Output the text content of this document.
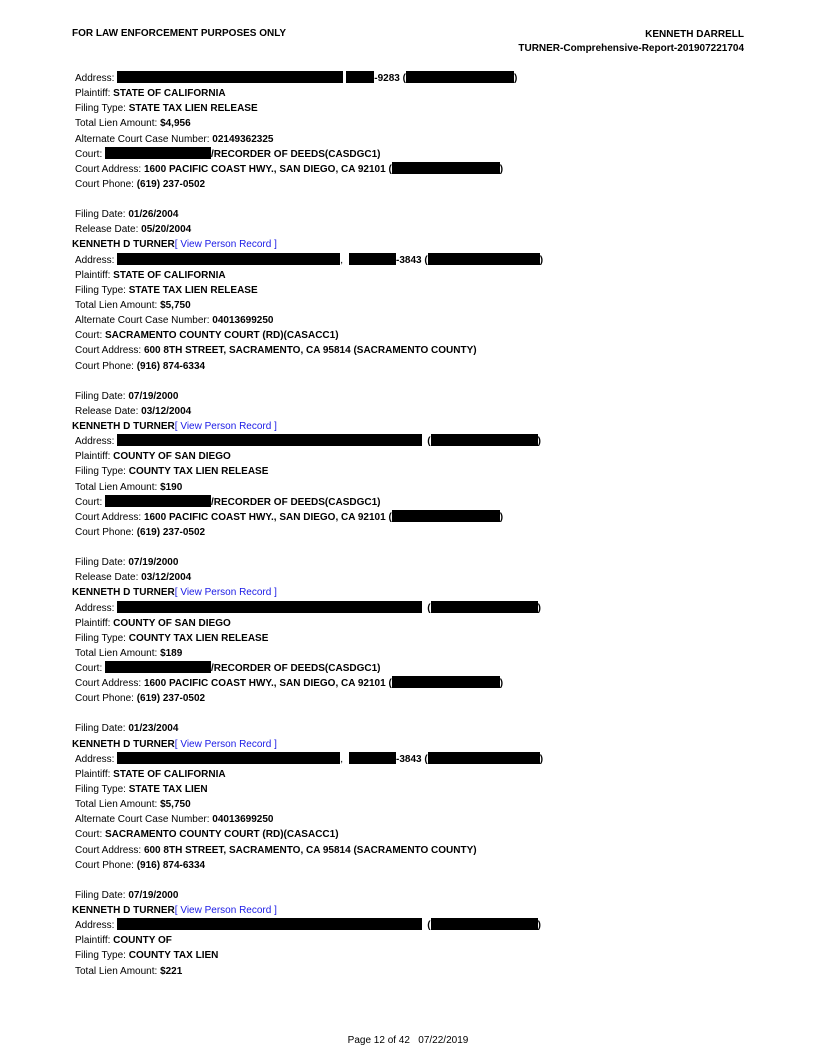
FOR LAW ENFORCEMENT PURPOSES ONLY	KENNETH DARRELL
TURNER-Comprehensive-Report-201907221704
Address:	-9283 (	)
Plaintiff: STATE OF CALIFORNIA
Filing Type: STATE TAX LIEN RELEASE
Total Lien Amount: $4,956
Alternate Court Case Number: 02149362325
Court:	/RECORDER OF DEEDS(CASDGC1)
Court Address: 1600 PACIFIC COAST HWY., SAN DIEGO, CA 92101 (	)
Court Phone: (619) 237-0502
Filing Date: 01/26/2004
Release Date: 05/20/2004
KENNETH D TURNER[ View Person Record ]
Address:	,	-3843 (	)
Plaintiff: STATE OF CALIFORNIA
Filing Type: STATE TAX LIEN RELEASE
Total Lien Amount: $5,750
Alternate Court Case Number: 04013699250
Court: SACRAMENTO COUNTY COURT (RD)(CASACC1)
Court Address: 600 8TH STREET, SACRAMENTO, CA 95814 (SACRAMENTO COUNTY)
Court Phone: (916) 874-6334
Filing Date: 07/19/2000
Release Date: 03/12/2004
KENNETH D TURNER[ View Person Record ]
Address:	(	)
Plaintiff: COUNTY OF SAN DIEGO
Filing Type: COUNTY TAX LIEN RELEASE
Total Lien Amount: $190
Court:	/RECORDER OF DEEDS(CASDGC1)
Court Address: 1600 PACIFIC COAST HWY., SAN DIEGO, CA 92101 (	)
Court Phone: (619) 237-0502
Filing Date: 07/19/2000
Release Date: 03/12/2004
KENNETH D TURNER[ View Person Record ]
Address:	(	)
Plaintiff: COUNTY OF SAN DIEGO
Filing Type: COUNTY TAX LIEN RELEASE
Total Lien Amount: $189
Court:	/RECORDER OF DEEDS(CASDGC1)
Court Address: 1600 PACIFIC COAST HWY., SAN DIEGO, CA 92101 (	)
Court Phone: (619) 237-0502
Filing Date: 01/23/2004
KENNETH D TURNER[ View Person Record ]
Address:	,	-3843 (	)
Plaintiff: STATE OF CALIFORNIA
Filing Type: STATE TAX LIEN
Total Lien Amount: $5,750
Alternate Court Case Number: 04013699250
Court: SACRAMENTO COUNTY COURT (RD)(CASACC1)
Court Address: 600 8TH STREET, SACRAMENTO, CA 95814 (SACRAMENTO COUNTY)
Court Phone: (916) 874-6334
Filing Date: 07/19/2000
KENNETH D TURNER[ View Person Record ]
Address:	(	)
Plaintiff: COUNTY OF
Filing Type: COUNTY TAX LIEN
Total Lien Amount: $221
Page 12 of 42 07/22/2019
